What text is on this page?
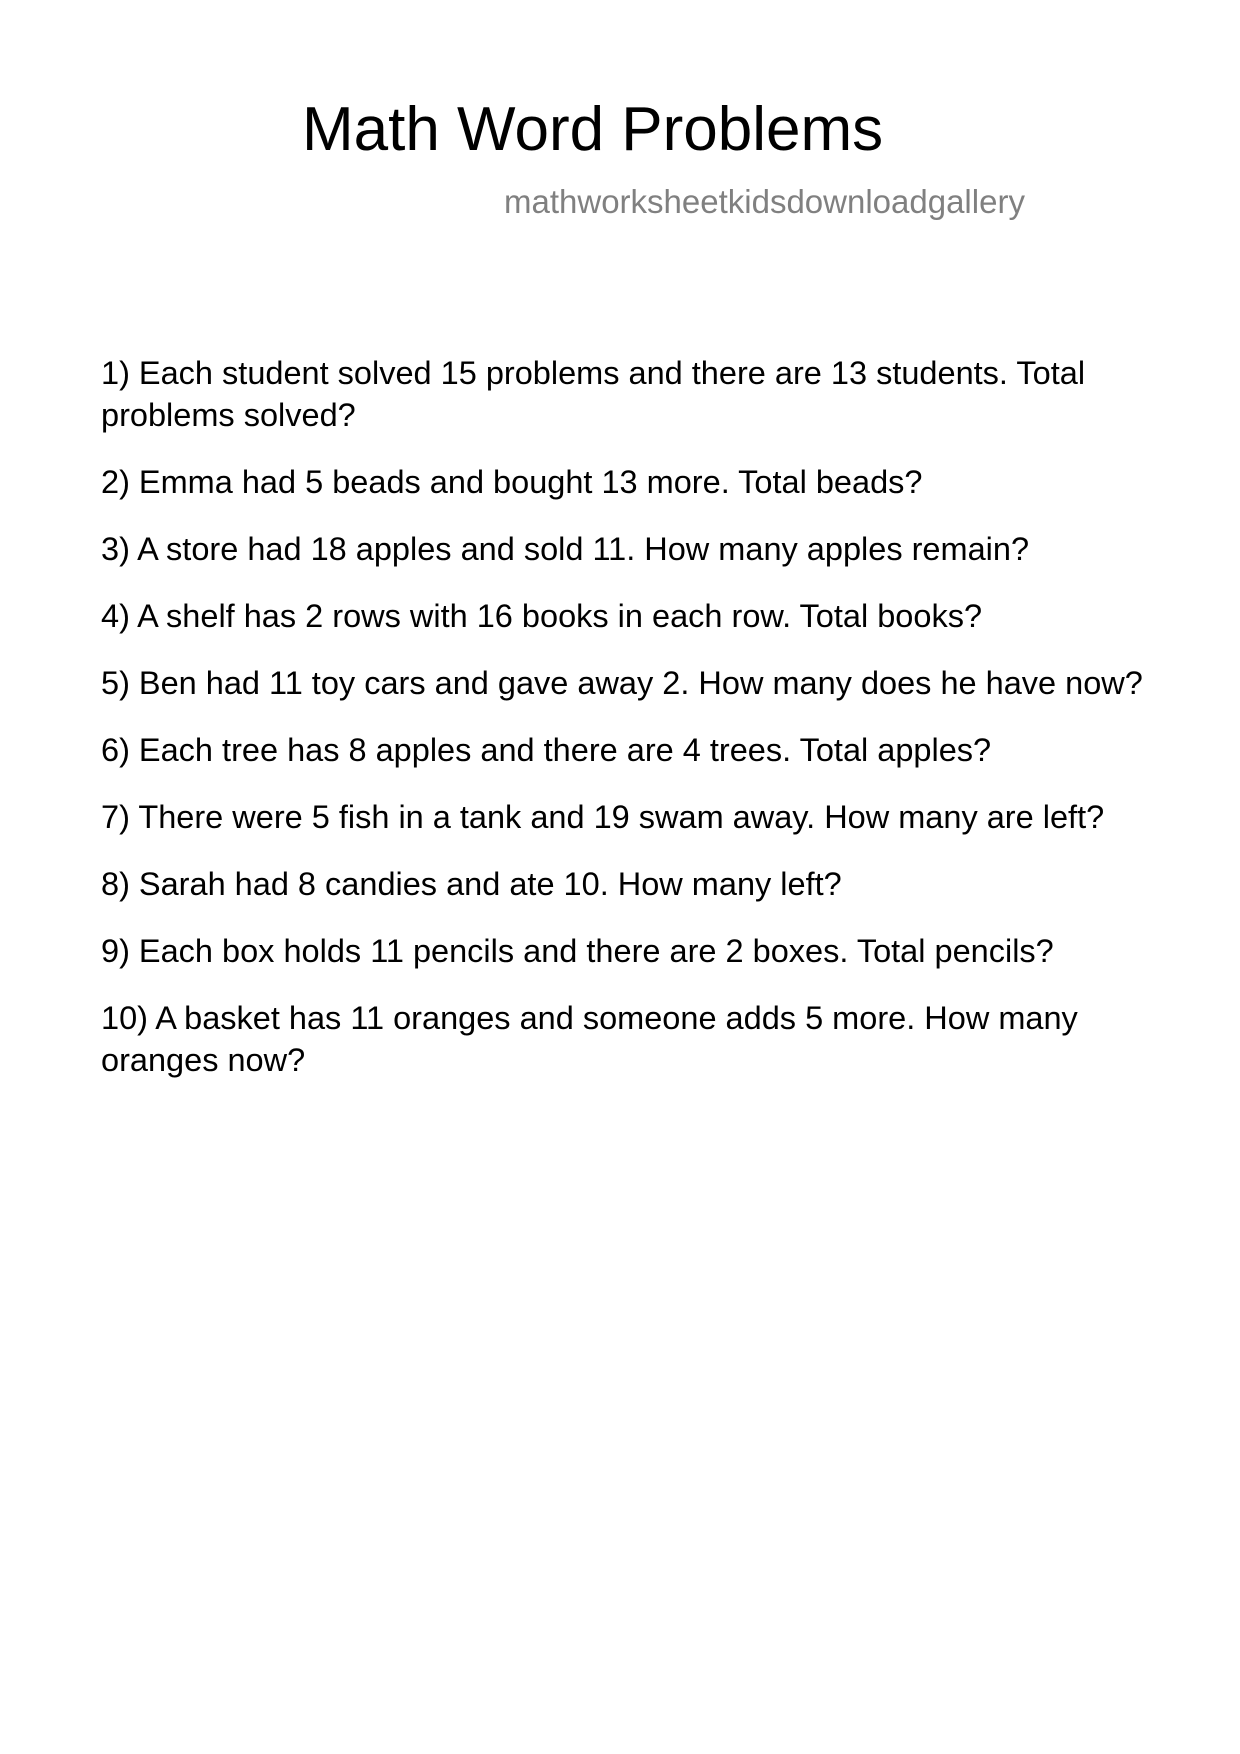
Math Word Problems
mathworksheetkidsdownloadgallery
1) Each student solved 15 problems and there are 13 students. Total problems solved?
2) Emma had 5 beads and bought 13 more. Total beads?
3) A store had 18 apples and sold 11. How many apples remain?
4) A shelf has 2 rows with 16 books in each row. Total books?
5) Ben had 11 toy cars and gave away 2. How many does he have now?
6) Each tree has 8 apples and there are 4 trees. Total apples?
7) There were 5 fish in a tank and 19 swam away. How many are left?
8) Sarah had 8 candies and ate 10. How many left?
9) Each box holds 11 pencils and there are 2 boxes. Total pencils?
10) A basket has 11 oranges and someone adds 5 more. How many oranges now?
